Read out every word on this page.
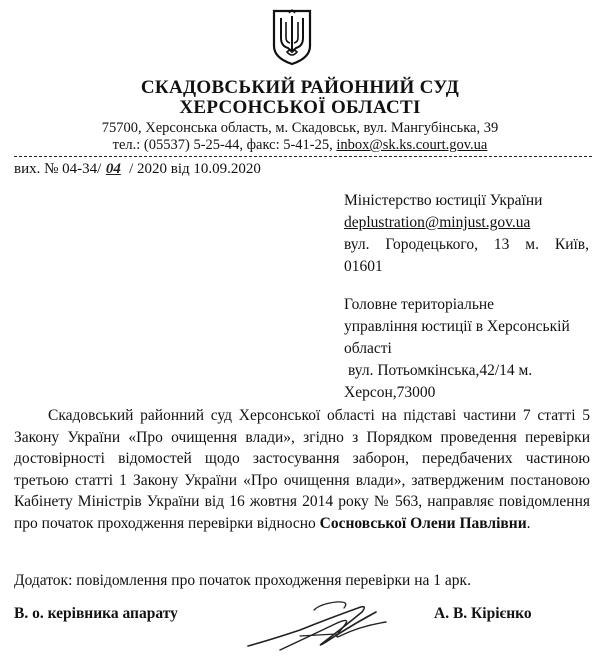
СКАДОВСЬКИЙ РАЙОННИЙ СУД
ХЕРСОНСЬКОЇ ОБЛАСТІ
75700, Херсонська область, м. Скадовськ, вул. Мангубінська, 39
тел.: (05537) 5-25-44, факс: 5-41-25, inbox@sk.ks.court.gov.ua
вих. № 04-34/ 04 / 2020 від 10.09.2020
Міністерство юстиції України
deplustration@minjust.gov.ua
вул. Городецького, 13 м. Київ,
01601
Головне територіальне
управління юстиції в Херсонській
області
вул. Потьомкінська,42/14 м.
Херсон,73000
Скадовський районний суд Херсонської області на підставі частини 7 статті 5 Закону України «Про очищення влади», згідно з Порядком проведення перевірки достовірності відомостей щодо застосування заборон, передбачених частиною третьою статті 1 Закону України «Про очищення влади», затвердженим постановою Кабінету Міністрів України від 16 жовтня 2014 року № 563, направляє повідомлення про початок проходження перевірки відносно Сосновської Олени Павлівни.
Додаток: повідомлення про початок проходження перевірки на 1 арк.
В. о. керівника апарату	А. В. Кірієнко
